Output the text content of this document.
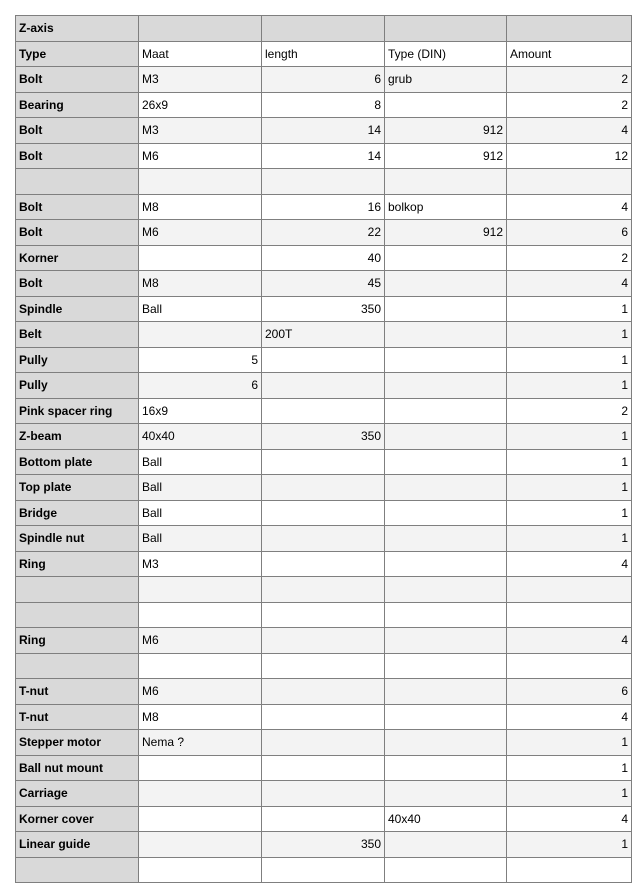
Z-axis				
Type	Maat	length	Type (DIN)	Amount
Bolt	M3	6	grub	2
Bearing	26x9	8		2
Bolt	M3	14	912	4
Bolt	M6	14	912	12

Bolt	M8	16	bolkop	4
Bolt	M6	22	912	6
Korner		40		2
Bolt	M8	45		4
Spindle	Ball	350		1
Belt		200T		1
Pully	5			1
Pully	6			1
Pink spacer ring	16x9			2
Z-beam	40x40	350		1
Bottom plate	Ball			1
Top plate	Ball			1
Bridge	Ball			1
Spindle nut	Ball			1
Ring	M3			4

Ring	M6			4

T-nut	M6			6
T-nut	M8			4
Stepper motor	Nema ?			1
Ball nut mount				1
Carriage				1
Korner cover			40x40	4
Linear guide		350		1
